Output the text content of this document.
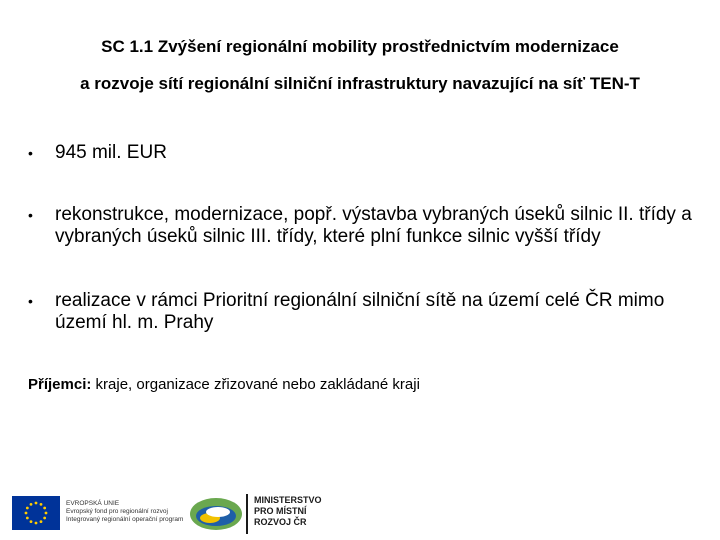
SC 1.1 Zvýšení regionální mobility prostřednictvím modernizace
a rozvoje sítí regionální silniční infrastruktury navazující na síť TEN-T
• 945 mil. EUR
• rekonstrukce, modernizace, popř. výstavba vybraných úseků silnic II. třídy a vybraných úseků silnic III. třídy, které plní funkce silnic vyšší třídy
• realizace v rámci Prioritní regionální silniční sítě na území celé ČR mimo území hl. m. Prahy
Příjemci: kraje, organizace zřizované nebo zakládané kraji
EVROPSKÁ UNIE
Evropský fond pro regionální rozvoj
Integrovaný regionální operační program
MINISTERSTVO
PRO MÍSTNÍ
ROZVOJ ČR
